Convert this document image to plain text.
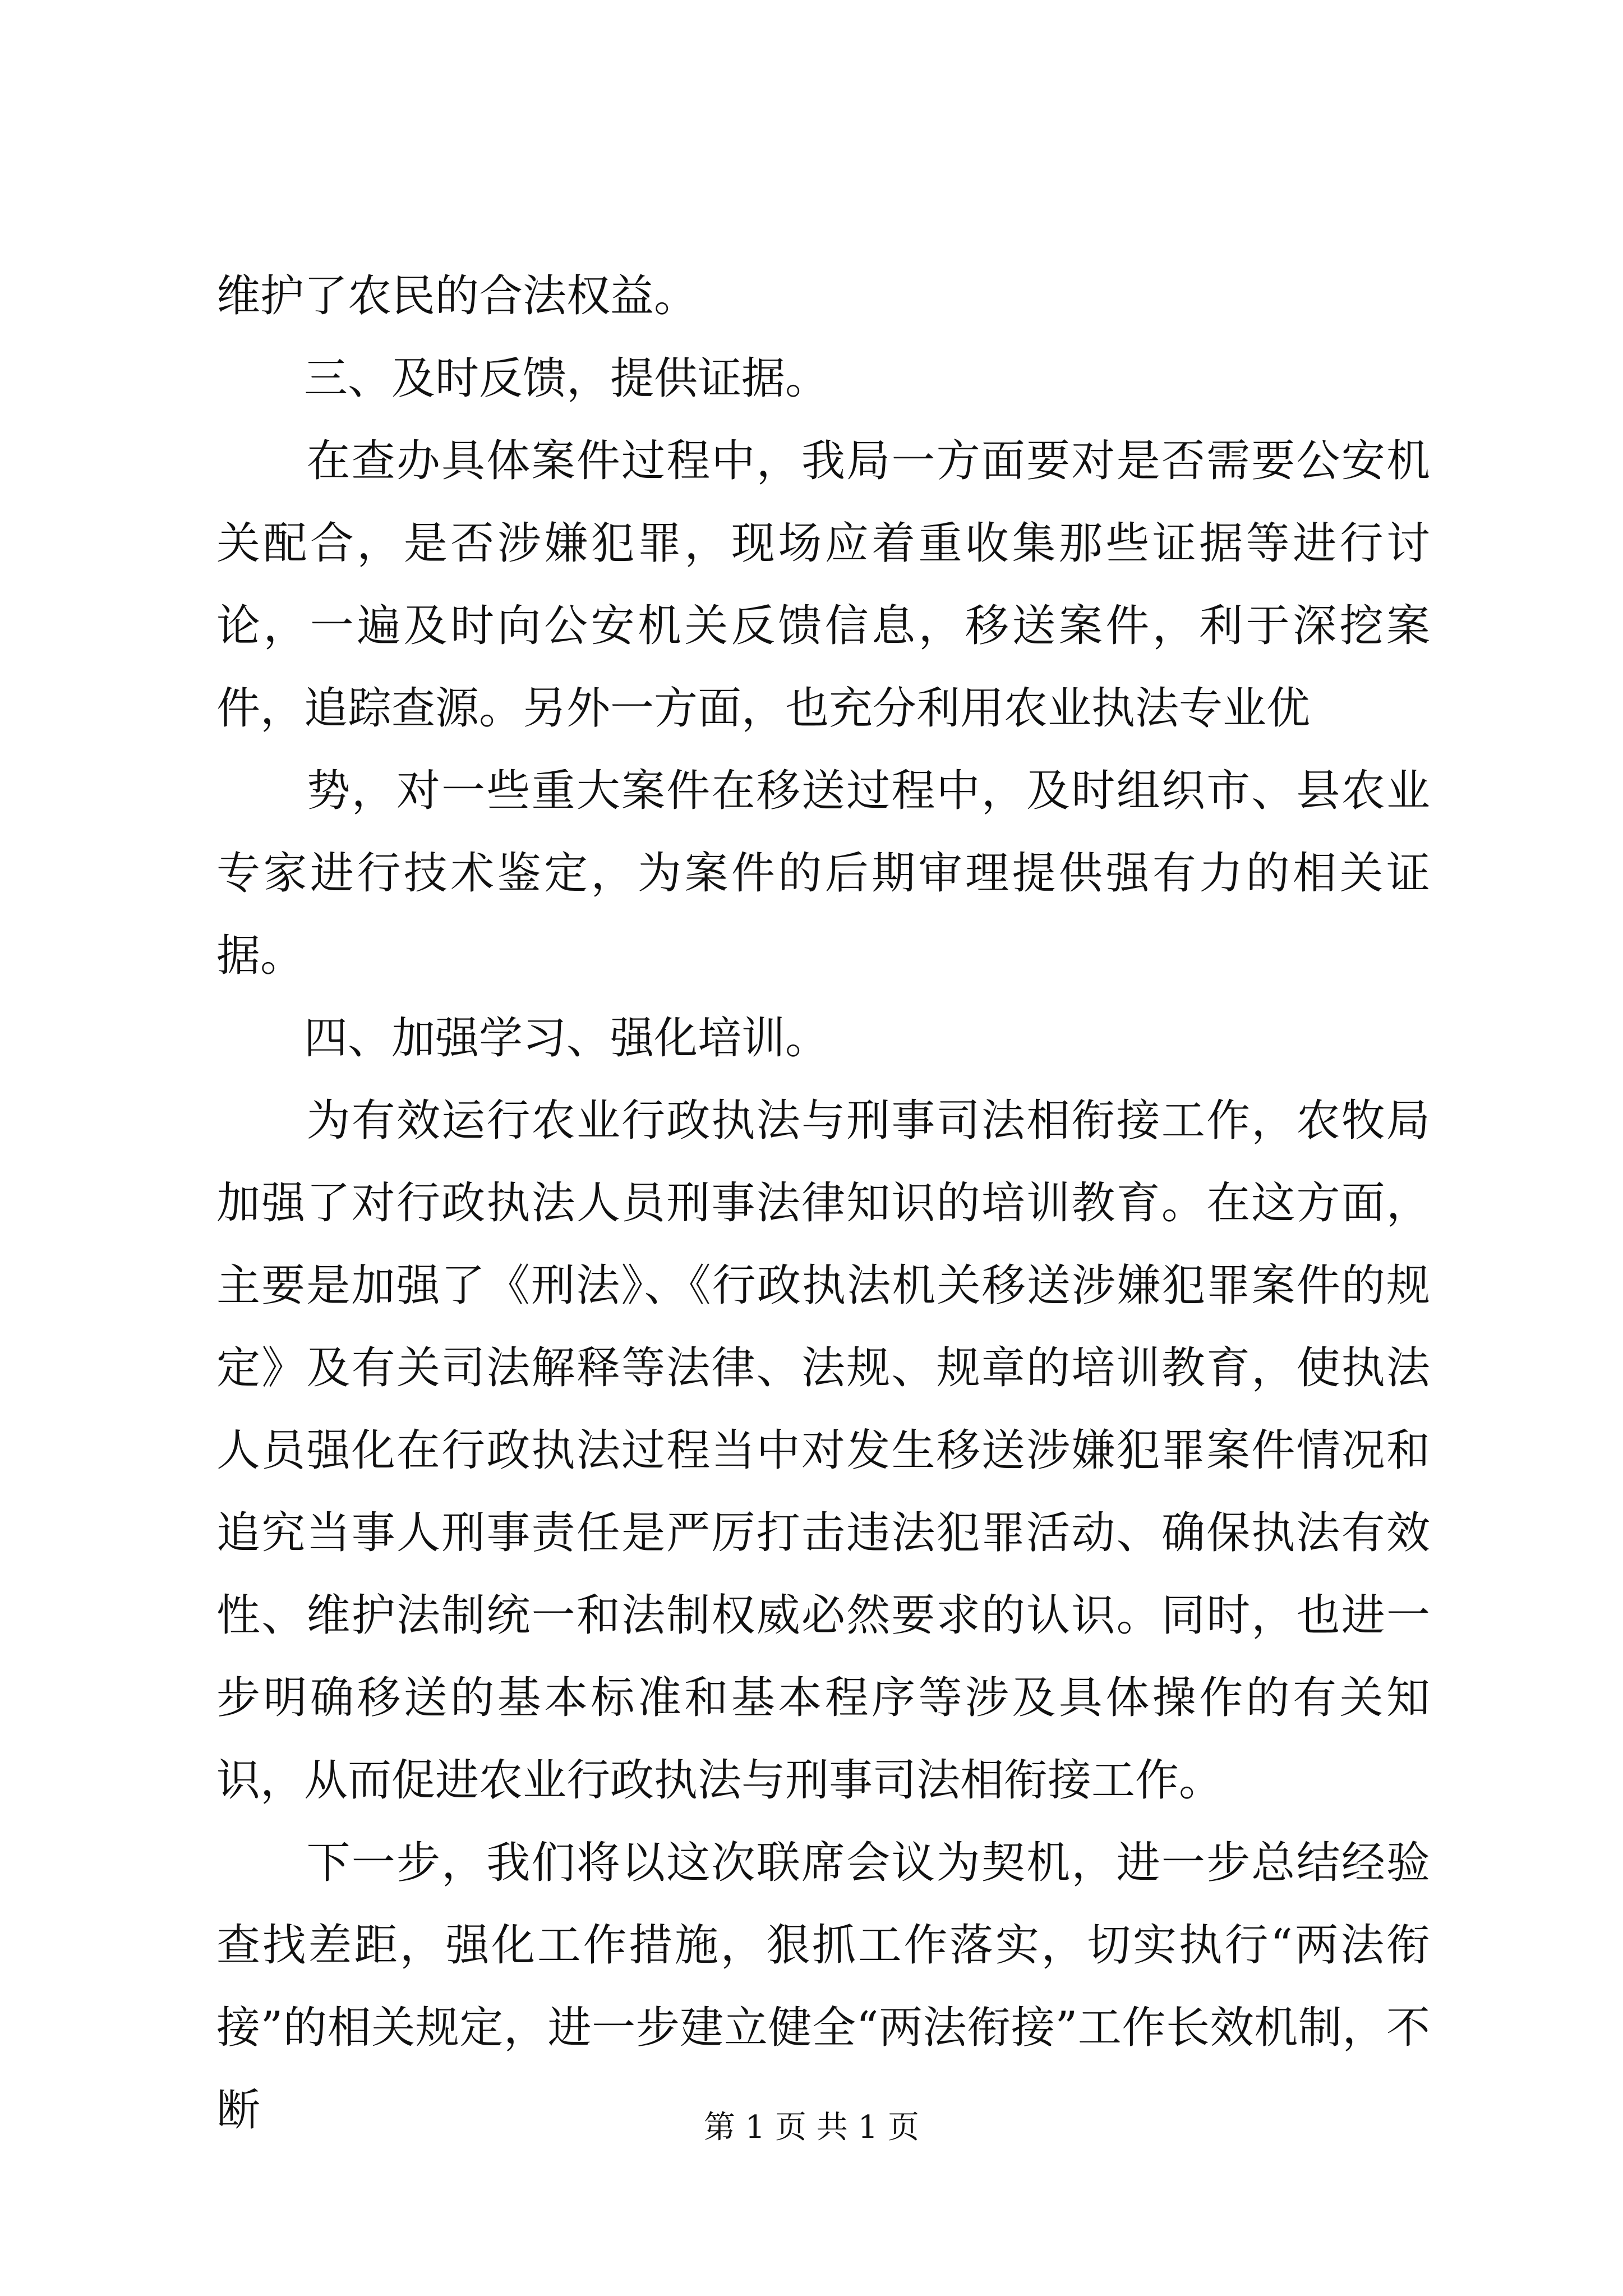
维护了农民的合法权益。

　　三、及时反馈，提供证据。

　　在查办具体案件过程中，我局一方面要对是否需要公安机关配合，是否涉嫌犯罪，现场应着重收集那些证据等进行讨论，一遍及时向公安机关反馈信息，移送案件，利于深挖案件，追踪查源。另外一方面，也充分利用农业执法专业优

　　势，对一些重大案件在移送过程中，及时组织市、县农业专家进行技术鉴定，为案件的后期审理提供强有力的相关证据。

　　四、加强学习、强化培训。

　　为有效运行农业行政执法与刑事司法相衔接工作，农牧局加强了对行政执法人员刑事法律知识的培训教育。在这方面，主要是加强了《刑法》、《行政执法机关移送涉嫌犯罪案件的规定》及有关司法解释等法律、法规、规章的培训教育，使执法人员强化在行政执法过程当中对发生移送涉嫌犯罪案件情况和追究当事人刑事责任是严厉打击违法犯罪活动、确保执法有效性、维护法制统一和法制权威必然要求的认识。同时，也进一步明确移送的基本标准和基本程序等涉及具体操作的有关知识，从而促进农业行政执法与刑事司法相衔接工作。

　　下一步，我们将以这次联席会议为契机，进一步总结经验查找差距，强化工作措施，狠抓工作落实，切实执行“两法衔接”的相关规定，进一步建立健全“两法衔接”工作长效机制，不断	第 1 页 共 1 页
